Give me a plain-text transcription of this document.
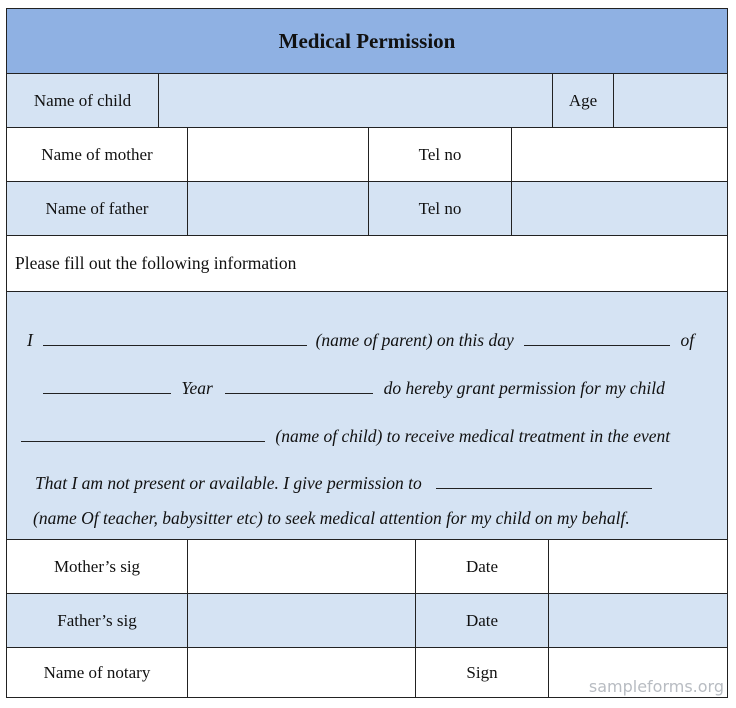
Medical Permission
Name of child	Age
Name of mother	Tel no
Name of father	Tel no
Please fill out the following information
I	(name of parent) on this day	of
Year	do hereby grant permission for my child
(name of child) to receive medical treatment in the event
That I am not present or available. I give permission to
(name Of teacher, babysitter etc) to seek medical attention for my child on my behalf.
Mother’s sig	Date
Father’s sig	Date
Name of notary	Sign
sampleforms.org
